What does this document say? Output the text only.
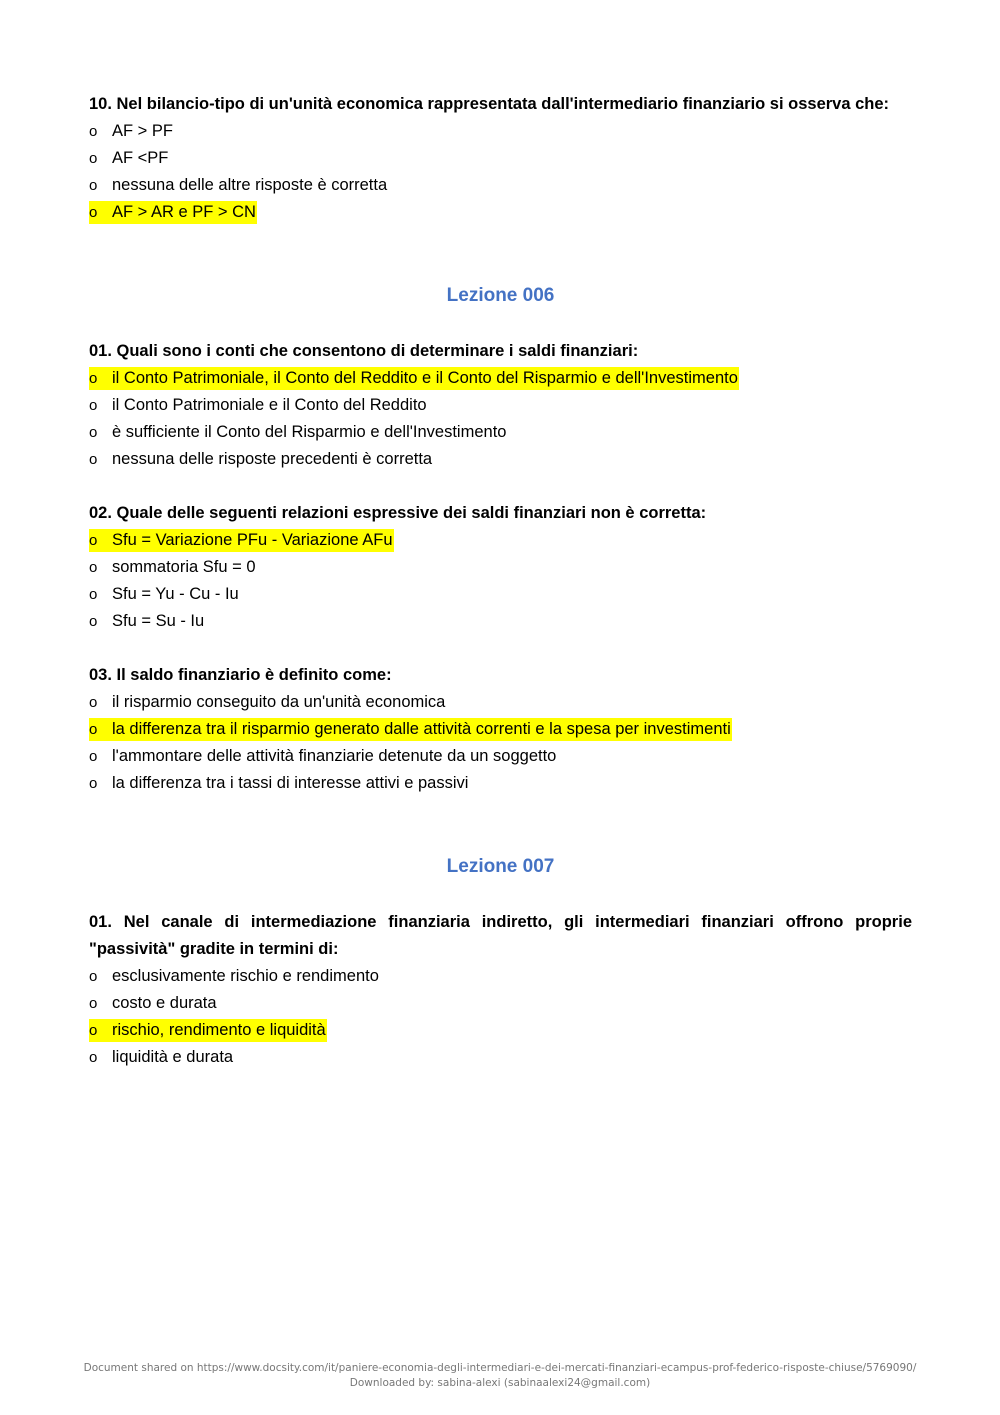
10. Nel bilancio-tipo di un'unità economica rappresentata dall'intermediario finanziario si osserva che:

o AF > PF
o AF <PF
o nessuna delle altre risposte è corretta
o AF > AR e PF > CN
Lezione 006

01. Quali sono i conti che consentono di determinare i saldi finanziari:

o il Conto Patrimoniale, il Conto del Reddito e il Conto del Risparmio e dell'Investimento
o il Conto Patrimoniale e il Conto del Reddito
o è sufficiente il Conto del Risparmio e dell'Investimento
o nessuna delle risposte precedenti è corretta

02. Quale delle seguenti relazioni espressive dei saldi finanziari non è corretta:

o Sfu = Variazione PFu - Variazione AFu
o sommatoria Sfu = 0
o Sfu = Yu - Cu - Iu
o Sfu = Su - Iu

03. Il saldo finanziario è definito come:

o il risparmio conseguito da un'unità economica
o la differenza tra il risparmio generato dalle attività correnti e la spesa per investimenti
o l'ammontare delle attività finanziarie detenute da un soggetto
o la differenza tra i tassi di interesse attivi e passivi
Lezione 007

01. Nel canale di intermediazione finanziaria indiretto, gli intermediari finanziari offrono proprie "passività" gradite in termini di:

o esclusivamente rischio e rendimento
o costo e durata
o rischio, rendimento e liquidità
o liquidità e durata
Document shared on https://www.docsity.com/it/paniere-economia-degli-intermediari-e-dei-mercati-finanziari-ecampus-prof-federico-risposte-chiuse/5769090/
Downloaded by: sabina-alexi (sabinaalexi24@gmail.com)
